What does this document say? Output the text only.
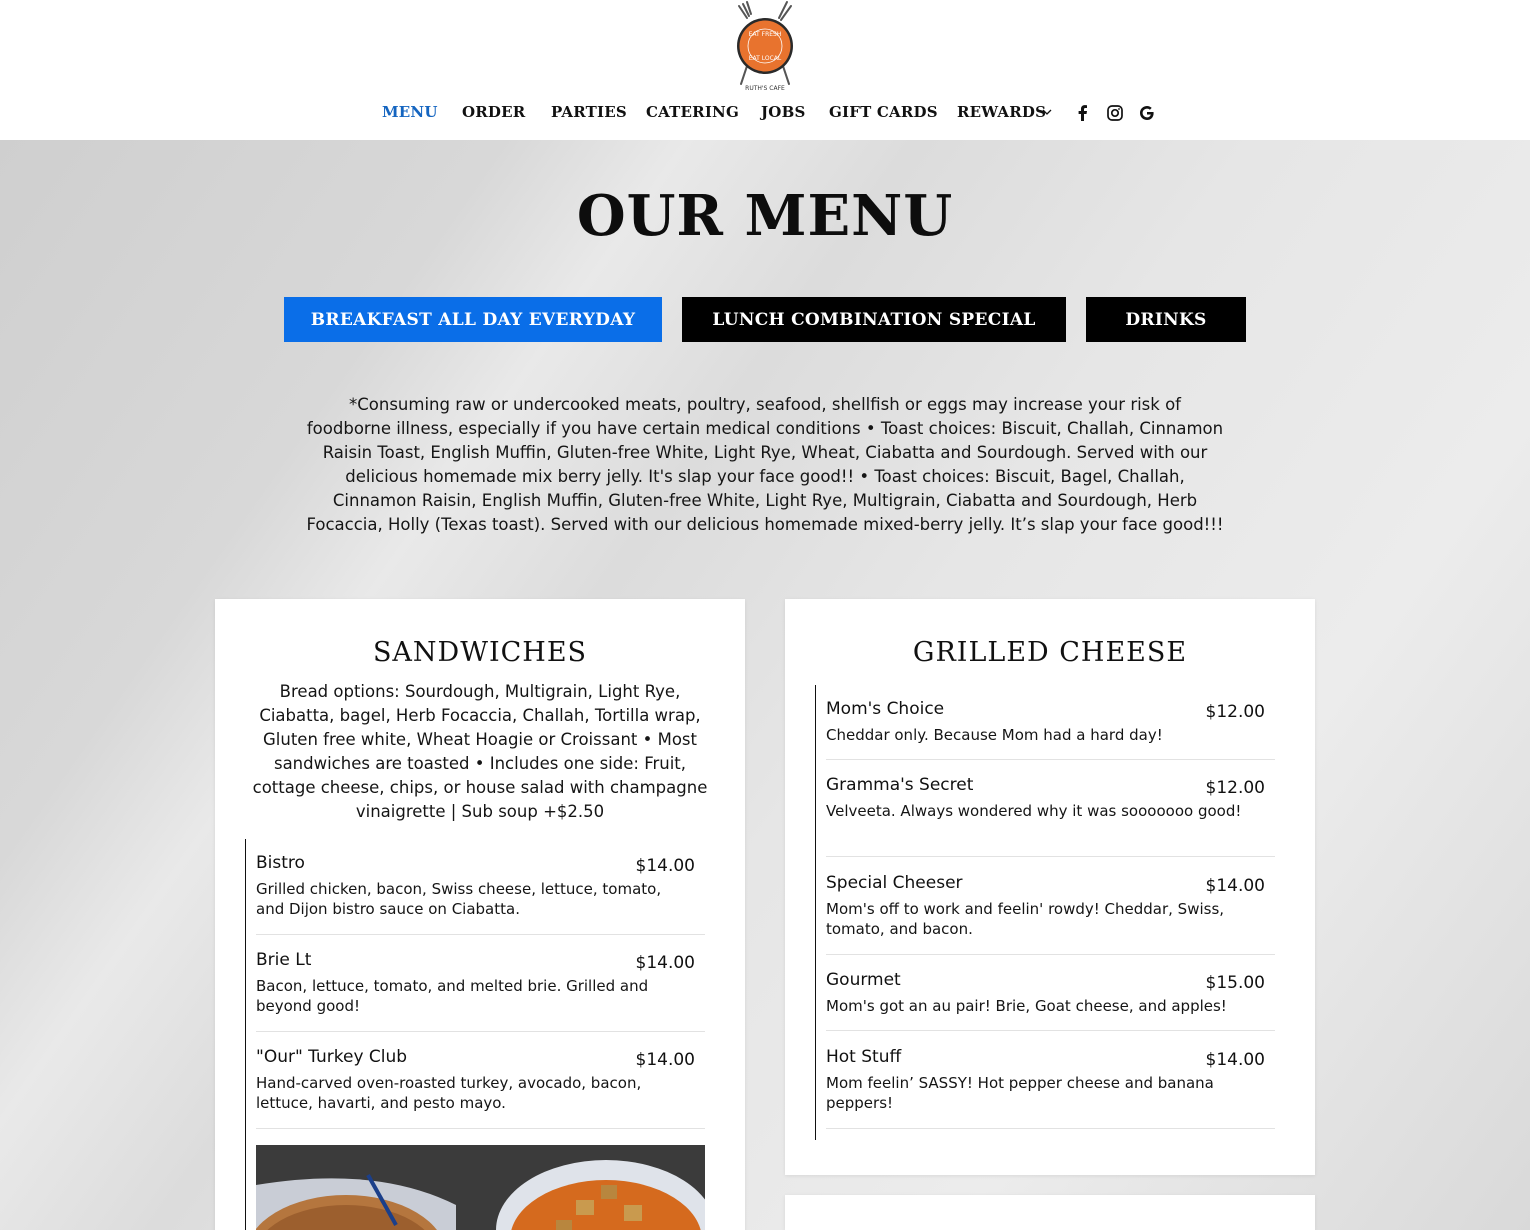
EAT FRESH
EAT LOCAL
RUTH'S CAFE
MENU ORDER PARTIES CATERING JOBS GIFT CARDS REWARDS
OUR MENU
BREAKFAST ALL DAY EVERYDAY	LUNCH COMBINATION SPECIAL	DRINKS
*Consuming raw or undercooked meats, poultry, seafood, shellfish or eggs may increase your risk of foodborne illness, especially if you have certain medical conditions • Toast choices: Biscuit, Challah, Cinnamon Raisin Toast, English Muffin, Gluten-free White, Light Rye, Wheat, Ciabatta and Sourdough. Served with our delicious homemade mix berry jelly. It's slap your face good!! • Toast choices: Biscuit, Bagel, Challah, Cinnamon Raisin, English Muffin, Gluten-free White, Light Rye, Multigrain, Ciabatta and Sourdough, Herb Focaccia, Holly (Texas toast). Served with our delicious homemade mixed-berry jelly. It’s slap your face good!!!
SANDWICHES
Bread options: Sourdough, Multigrain, Light Rye, Ciabatta, bagel, Herb Focaccia, Challah, Tortilla wrap, Gluten free white, Wheat Hoagie or Croissant • Most sandwiches are toasted • Includes one side: Fruit, cottage cheese, chips, or house salad with champagne vinaigrette | Sub soup +$2.50
Bistro	$14.00
Grilled chicken, bacon, Swiss cheese, lettuce, tomato, and Dijon bistro sauce on Ciabatta.
Brie Lt	$14.00
Bacon, lettuce, tomato, and melted brie. Grilled and beyond good!
"Our" Turkey Club	$14.00
Hand-carved oven-roasted turkey, avocado, bacon, lettuce, havarti, and pesto mayo.
GRILLED CHEESE
Mom's Choice	$12.00
Cheddar only. Because Mom had a hard day!
Gramma's Secret	$12.00
Velveeta. Always wondered why it was sooooooo good!
Special Cheeser	$14.00
Mom's off to work and feelin' rowdy! Cheddar, Swiss, tomato, and bacon.
Gourmet	$15.00
Mom's got an au pair! Brie, Goat cheese, and apples!
Hot Stuff	$14.00
Mom feelin’ SASSY! Hot pepper cheese and banana peppers!
